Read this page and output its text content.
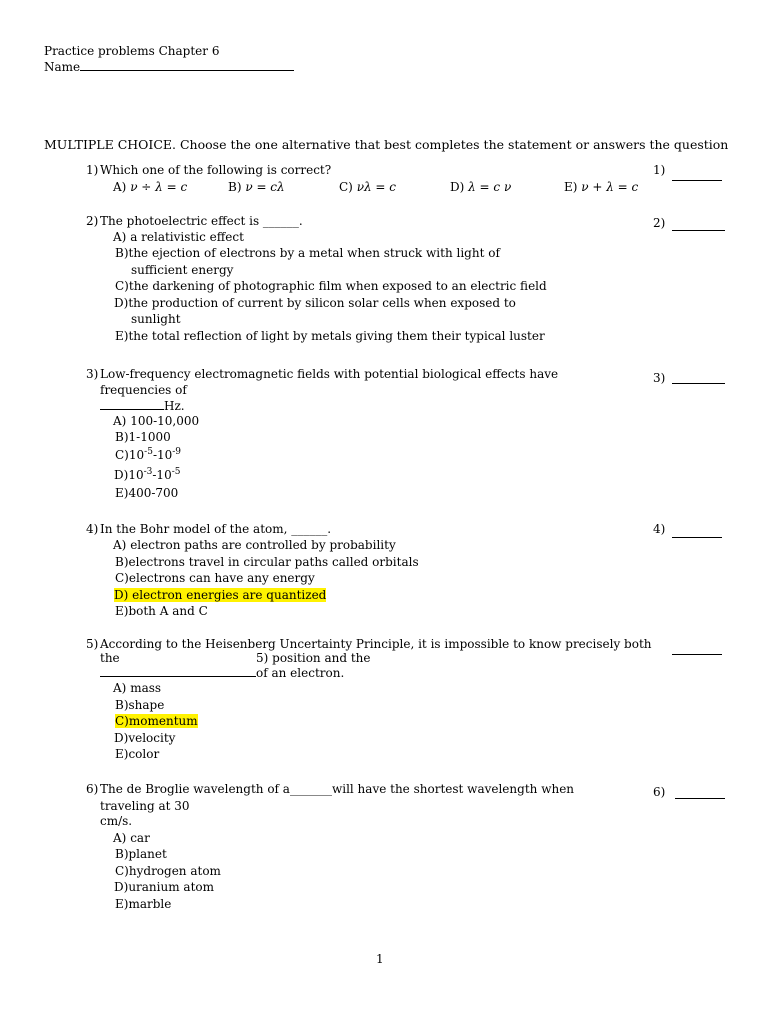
Practice problems Chapter 6
Name
MULTIPLE CHOICE. Choose the one alternative that best completes the statement or answers the question
1) Which one of the following is correct?	1)
A) ν ÷ λ = c	B) ν = cλ	C) νλ = c	D) λ = c ν	E) ν + λ = c
2) The photoelectric effect is ______.	2)
A) a relativistic effect
B)the ejection of electrons by a metal when struck with light of
sufficient energy
C)the darkening of photographic film when exposed to an electric field
D)the production of current by silicon solar cells when exposed to
sunlight
E)the total reflection of light by metals giving them their typical luster
3) Low-frequency electromagnetic fields with potential biological effects have
frequencies of
Hz.
3)
A) 100-10,000
B)1-1000
$C)10^{-5}-10^{-9}$
$D)10^{-3}-10^{-5}$
E)400-700
4) In the Bohr model of the atom, ______.	4)
A) electron paths are controlled by probability
B)electrons travel in circular paths called orbitals
C)electrons can have any energy
D) electron energies are quantized
E)both A and C
5) According to the Heisenberg Uncertainty Principle, it is impossible to know precisely both
the	5) position and the
of an electron.
A) mass
B)shape
C)momentum
D)velocity
E)color
6) The de Broglie wavelength of a_______will have the shortest wavelength when
traveling at 30
cm/s.
6)
A) car
B)planet
C)hydrogen atom
D)uranium atom
E)marble
1
